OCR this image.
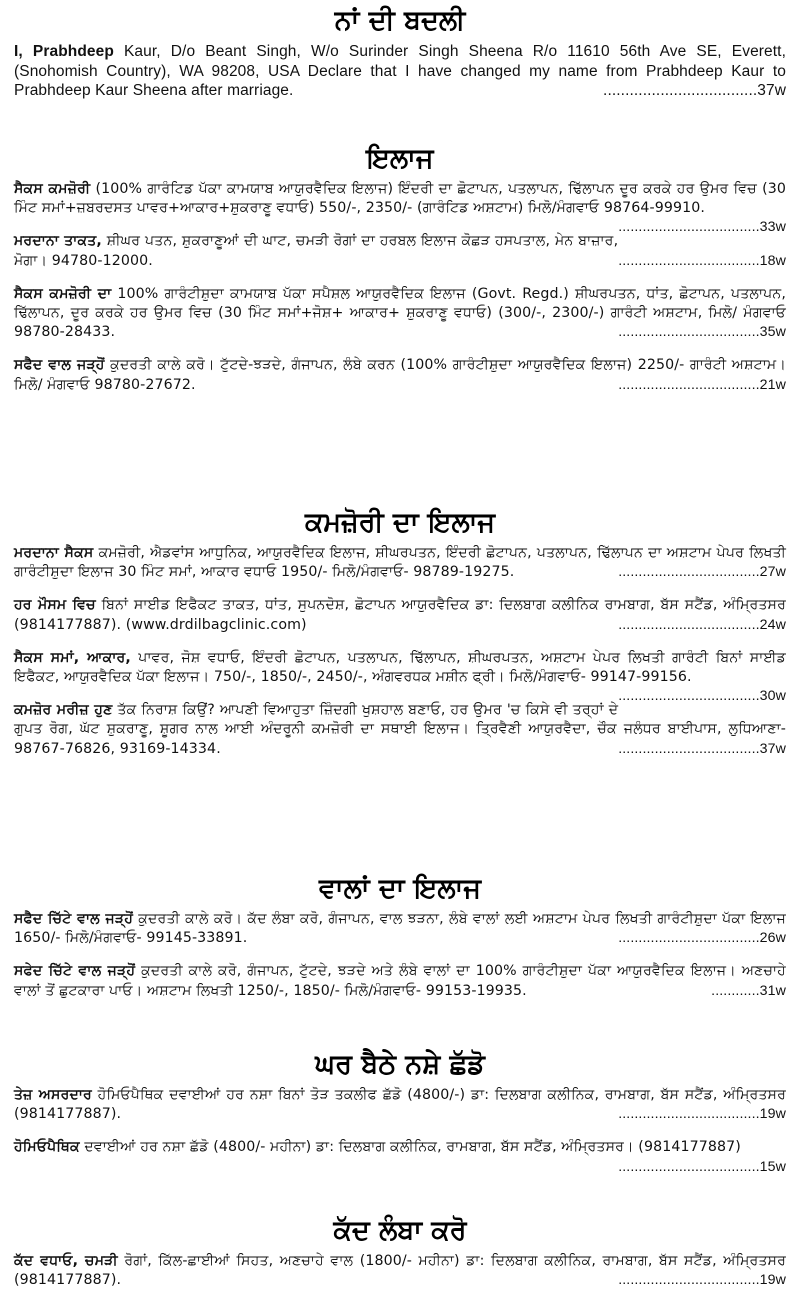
ਨਾਂ ਦੀ ਬਦਲੀ
I, Prabhdeep Kaur, D/o Beant Singh, W/o Surinder Singh Sheena R/o 11610 56th Ave SE, Everett, (Snohomish Country), WA 98208, USA Declare that I have changed my name from Prabhdeep Kaur to Prabhdeep Kaur Sheena after marriage.	...................................37w
ਇਲਾਜ
ਸੈਕਸ ਕਮਜ਼ੋਰੀ (100% ਗਾਰੰਟਿਡ ਪੱਕਾ ਕਾਮਯਾਬ ਆਯੁਰਵੈਦਿਕ ਇਲਾਜ) ਇੰਦਰੀ ਦਾ ਛੋਟਾਪਨ, ਪਤਲਾਪਨ, ਢਿੱਲਾਪਨ ਦੂਰ ਕਰਕੇ ਹਰ ਉਮਰ ਵਿਚ (30 ਮਿੰਟ ਸਮਾਂ+ਜ਼ਬਰਦਸਤ ਪਾਵਰ+ਆਕਾਰ+ਸ਼ੁਕਰਾਣੂ ਵਧਾਓ) 550/-, 2350/- (ਗਾਰੰਟਿਡ ਅਸ਼ਟਾਮ) ਮਿਲੋ/ਮੰਗਵਾਓ 98764-99910.
...................................33w
ਮਰਦਾਨਾ ਤਾਕਤ, ਸ਼ੀਘਰ ਪਤਨ, ਸ਼ੁਕਰਾਣੂਆਂ ਦੀ ਘਾਟ, ਚਮੜੀ ਰੋਗਾਂ ਦਾ ਹਰਬਲ ਇਲਾਜ ਕੋਛੜ ਹਸਪਤਾਲ, ਮੇਨ ਬਾਜ਼ਾਰ, ਮੋਗਾ। 94780-12000.	...................................18w
ਸੈਕਸ ਕਮਜ਼ੋਰੀ ਦਾ 100% ਗਾਰੰਟੀਸ਼ੁਦਾ ਕਾਮਯਾਬ ਪੱਕਾ ਸਪੈਸ਼ਲ ਆਯੁਰਵੈਦਿਕ ਇਲਾਜ (Govt. Regd.) ਸ਼ੀਘਰਪਤਨ, ਧਾਂਤ, ਛੋਟਾਪਨ, ਪਤਲਾਪਨ, ਢਿੱਲਾਪਨ, ਦੂਰ ਕਰਕੇ ਹਰ ਉਮਰ ਵਿਚ (30 ਮਿੰਟ ਸਮਾਂ+ਜੋਸ਼+ ਆਕਾਰ+ ਸ਼ੁਕਰਾਣੂ ਵਧਾਓ) (300/-, 2300/-) ਗਾਰੰਟੀ ਅਸ਼ਟਾਮ, ਮਿਲੋ/ ਮੰਗਵਾਓ 98780-28433.	...................................35w
ਸਫੈਦ ਵਾਲ ਜੜ੍ਹੋਂ ਕੁਦਰਤੀ ਕਾਲੇ ਕਰੋ। ਟੁੱਟਦੇ-ਝੜਦੇ, ਗੰਜਾਪਨ, ਲੰਬੇ ਕਰਨ (100% ਗਾਰੰਟੀਸ਼ੁਦਾ ਆਯੁਰਵੈਦਿਕ ਇਲਾਜ) 2250/- ਗਾਰੰਟੀ ਅਸ਼ਟਾਮ। ਮਿਲੋ/ ਮੰਗਵਾਓ 98780-27672.	...................................21w
ਕਮਜ਼ੋਰੀ ਦਾ ਇਲਾਜ
ਮਰਦਾਨਾ ਸੈਕਸ ਕਮਜ਼ੋਰੀ, ਐਡਵਾਂਸ ਆਧੁਨਿਕ, ਆਯੁਰਵੈਦਿਕ ਇਲਾਜ, ਸ਼ੀਘਰਪਤਨ, ਇੰਦਰੀ ਛੋਟਾਪਨ, ਪਤਲਾਪਨ, ਢਿੱਲਾਪਨ ਦਾ ਅਸ਼ਟਾਮ ਪੇਪਰ ਲਿਖਤੀ ਗਾਰੰਟੀਸ਼ੁਦਾ ਇਲਾਜ 30 ਮਿੰਟ ਸਮਾਂ, ਆਕਾਰ ਵਧਾਓ 1950/- ਮਿਲੋ/ਮੰਗਵਾਓ- 98789-19275.	...................................27w
ਹਰ ਮੌਸਮ ਵਿਚ ਬਿਨਾਂ ਸਾਈਡ ਇਫੈਕਟ ਤਾਕਤ, ਧਾਂਤ, ਸੁਪਨਦੋਸ਼, ਛੋਟਾਪਨ ਆਯੁਰਵੈਦਿਕ ਡਾ: ਦਿਲਬਾਗ ਕਲੀਨਿਕ ਰਾਮਬਾਗ, ਬੱਸ ਸਟੈਂਡ, ਅੰਮ੍ਰਿਤਸਰ (9814177887). (www.drdilbagclinic.com)	...................................24w
ਸੈਕਸ ਸਮਾਂ, ਆਕਾਰ, ਪਾਵਰ, ਜੋਸ਼ ਵਧਾਓ, ਇੰਦਰੀ ਛੋਟਾਪਨ, ਪਤਲਾਪਨ, ਢਿੱਲਾਪਨ, ਸ਼ੀਘਰਪਤਨ, ਅਸ਼ਟਾਮ ਪੇਪਰ ਲਿਖਤੀ ਗਾਰੰਟੀ ਬਿਨਾਂ ਸਾਈਡ ਇਫੈਕਟ, ਆਯੁਰਵੈਦਿਕ ਪੱਕਾ ਇਲਾਜ। 750/-, 1850/-, 2450/-, ਅੰਗਵਰਧਕ ਮਸ਼ੀਨ ਫ੍ਰੀ। ਮਿਲੋ/ਮੰਗਵਾਓ- 99147-99156.
...................................30w
ਕਮਜ਼ੋਰ ਮਰੀਜ਼ ਹੁਣ ਤੱਕ ਨਿਰਾਸ਼ ਕਿਉਂ? ਆਪਣੀ ਵਿਆਹੁਤਾ ਜ਼ਿੰਦਗੀ ਖੁਸ਼ਹਾਲ ਬਣਾਓ, ਹਰ ਉਮਰ 'ਚ ਕਿਸੇ ਵੀ ਤਰ੍ਹਾਂ ਦੇ ਗੁਪਤ ਰੋਗ, ਘੱਟ ਸ਼ੁਕਰਾਣੂ, ਸ਼ੂਗਰ ਨਾਲ ਆਈ ਅੰਦਰੂਨੀ ਕਮਜ਼ੋਰੀ ਦਾ ਸਥਾਈ ਇਲਾਜ। ਤ੍ਰਿਵੈਣੀ ਆਯੁਰਵੈਦਾ, ਚੌਕ ਜਲੰਧਰ ਬਾਈਪਾਸ, ਲੁਧਿਆਣਾ- 98767-76826, 93169-14334.	...................................37w
ਵਾਲਾਂ ਦਾ ਇਲਾਜ
ਸਫੈਦ ਚਿੱਟੇ ਵਾਲ ਜੜ੍ਹੋਂ ਕੁਦਰਤੀ ਕਾਲੇ ਕਰੋ। ਕੱਦ ਲੰਬਾ ਕਰੋ, ਗੰਜਾਪਨ, ਵਾਲ ਝੜਨਾ, ਲੰਬੇ ਵਾਲਾਂ ਲਈ ਅਸ਼ਟਾਮ ਪੇਪਰ ਲਿਖਤੀ ਗਾਰੰਟੀਸ਼ੁਦਾ ਪੱਕਾ ਇਲਾਜ 1650/- ਮਿਲੋ/ਮੰਗਵਾਓ- 99145-33891.	...................................26w
ਸਫੇਦ ਚਿੱਟੇ ਵਾਲ ਜੜ੍ਹੋਂ ਕੁਦਰਤੀ ਕਾਲੇ ਕਰੋ, ਗੰਜਾਪਨ, ਟੁੱਟਦੇ, ਝੜਦੇ ਅਤੇ ਲੰਬੇ ਵਾਲਾਂ ਦਾ 100% ਗਾਰੰਟੀਸ਼ੁਦਾ ਪੱਕਾ ਆਯੁਰਵੈਦਿਕ ਇਲਾਜ। ਅਣਚਾਹੇ ਵਾਲਾਂ ਤੋਂ ਛੁਟਕਾਰਾ ਪਾਓ। ਅਸ਼ਟਾਮ ਲਿਖਤੀ 1250/-, 1850/- ਮਿਲੋ/ਮੰਗਵਾਓ- 99153-19935.	............31w
ਘਰ ਬੈਠੇ ਨਸ਼ੇ ਛੱਡੋ
ਤੇਜ਼ ਅਸਰਦਾਰ ਹੋਮਿਓਪੈਥਿਕ ਦਵਾਈਆਂ ਹਰ ਨਸ਼ਾ ਬਿਨਾਂ ਤੋੜ ਤਕਲੀਫ ਛੱਡੋ (4800/-) ਡਾ: ਦਿਲਬਾਗ ਕਲੀਨਿਕ, ਰਾਮਬਾਗ, ਬੱਸ ਸਟੈਂਡ, ਅੰਮ੍ਰਿਤਸਰ (9814177887).	...................................19w
ਹੋਮਿਓਪੈਥਿਕ ਦਵਾਈਆਂ ਹਰ ਨਸ਼ਾ ਛੱਡੋ (4800/- ਮਹੀਨਾ) ਡਾ: ਦਿਲਬਾਗ ਕਲੀਨਿਕ, ਰਾਮਬਾਗ, ਬੱਸ ਸਟੈਂਡ, ਅੰਮ੍ਰਿਤਸਰ। (9814177887)
...................................15w
ਕੱਦ ਲੰਬਾ ਕਰੋ
ਕੱਦ ਵਧਾਓ, ਚਮੜੀ ਰੋਗਾਂ, ਕਿੱਲ-ਛਾਈਆਂ ਸਿਹਤ, ਅਣਚਾਹੇ ਵਾਲ (1800/- ਮਹੀਨਾ) ਡਾ: ਦਿਲਬਾਗ ਕਲੀਨਿਕ, ਰਾਮਬਾਗ, ਬੱਸ ਸਟੈਂਡ, ਅੰਮ੍ਰਿਤਸਰ (9814177887).	...................................19w
